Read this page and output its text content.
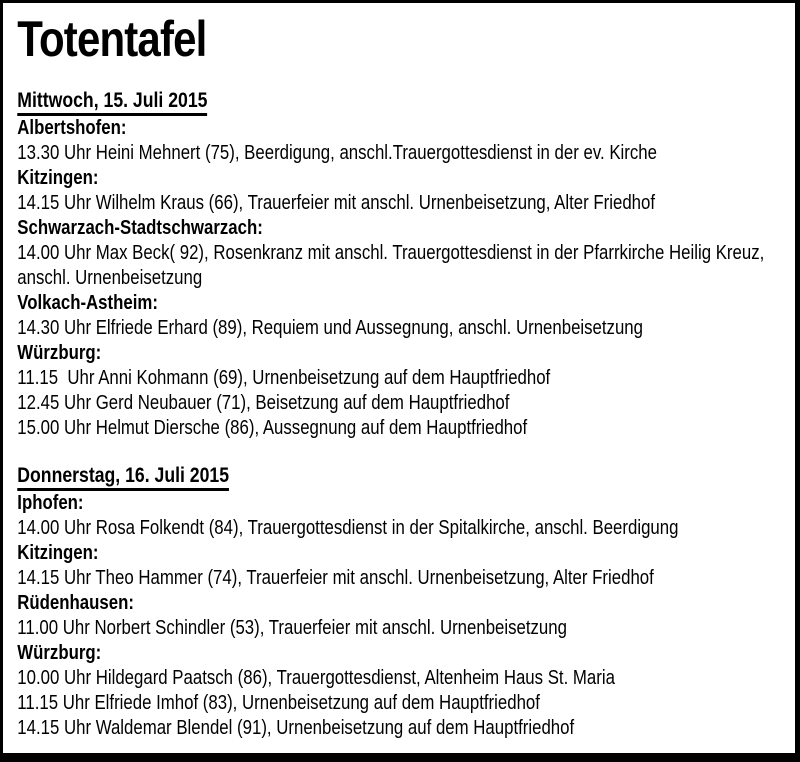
Totentafel
Mittwoch, 15. Juli 2015
Albertshofen:
13.30 Uhr Heini Mehnert (75), Beerdigung, anschl.Trauergottesdienst in der ev. Kirche
Kitzingen:
14.15 Uhr Wilhelm Kraus (66), Trauerfeier mit anschl. Urnenbeisetzung, Alter Friedhof
Schwarzach-Stadtschwarzach:
14.00 Uhr Max Beck( 92), Rosenkranz mit anschl. Trauergottesdienst in der Pfarrkirche Heilig Kreuz, anschl. Urnenbeisetzung
Volkach-Astheim:
14.30 Uhr Elfriede Erhard (89), Requiem und Aussegnung, anschl. Urnenbeisetzung
Würzburg:
11.15  Uhr Anni Kohmann (69), Urnenbeisetzung auf dem Hauptfriedhof
12.45 Uhr Gerd Neubauer (71), Beisetzung auf dem Hauptfriedhof
15.00 Uhr Helmut Diersche (86), Aussegnung auf dem Hauptfriedhof
Donnerstag, 16. Juli 2015
Iphofen:
14.00 Uhr Rosa Folkendt (84), Trauergottesdienst in der Spitalkirche, anschl. Beerdigung
Kitzingen:
14.15 Uhr Theo Hammer (74), Trauerfeier mit anschl. Urnenbeisetzung, Alter Friedhof
Rüdenhausen:
11.00 Uhr Norbert Schindler (53), Trauerfeier mit anschl. Urnenbeisetzung
Würzburg:
10.00 Uhr Hildegard Paatsch (86), Trauergottesdienst, Altenheim Haus St. Maria
11.15 Uhr Elfriede Imhof (83), Urnenbeisetzung auf dem Hauptfriedhof
14.15 Uhr Waldemar Blendel (91), Urnenbeisetzung auf dem Hauptfriedhof
